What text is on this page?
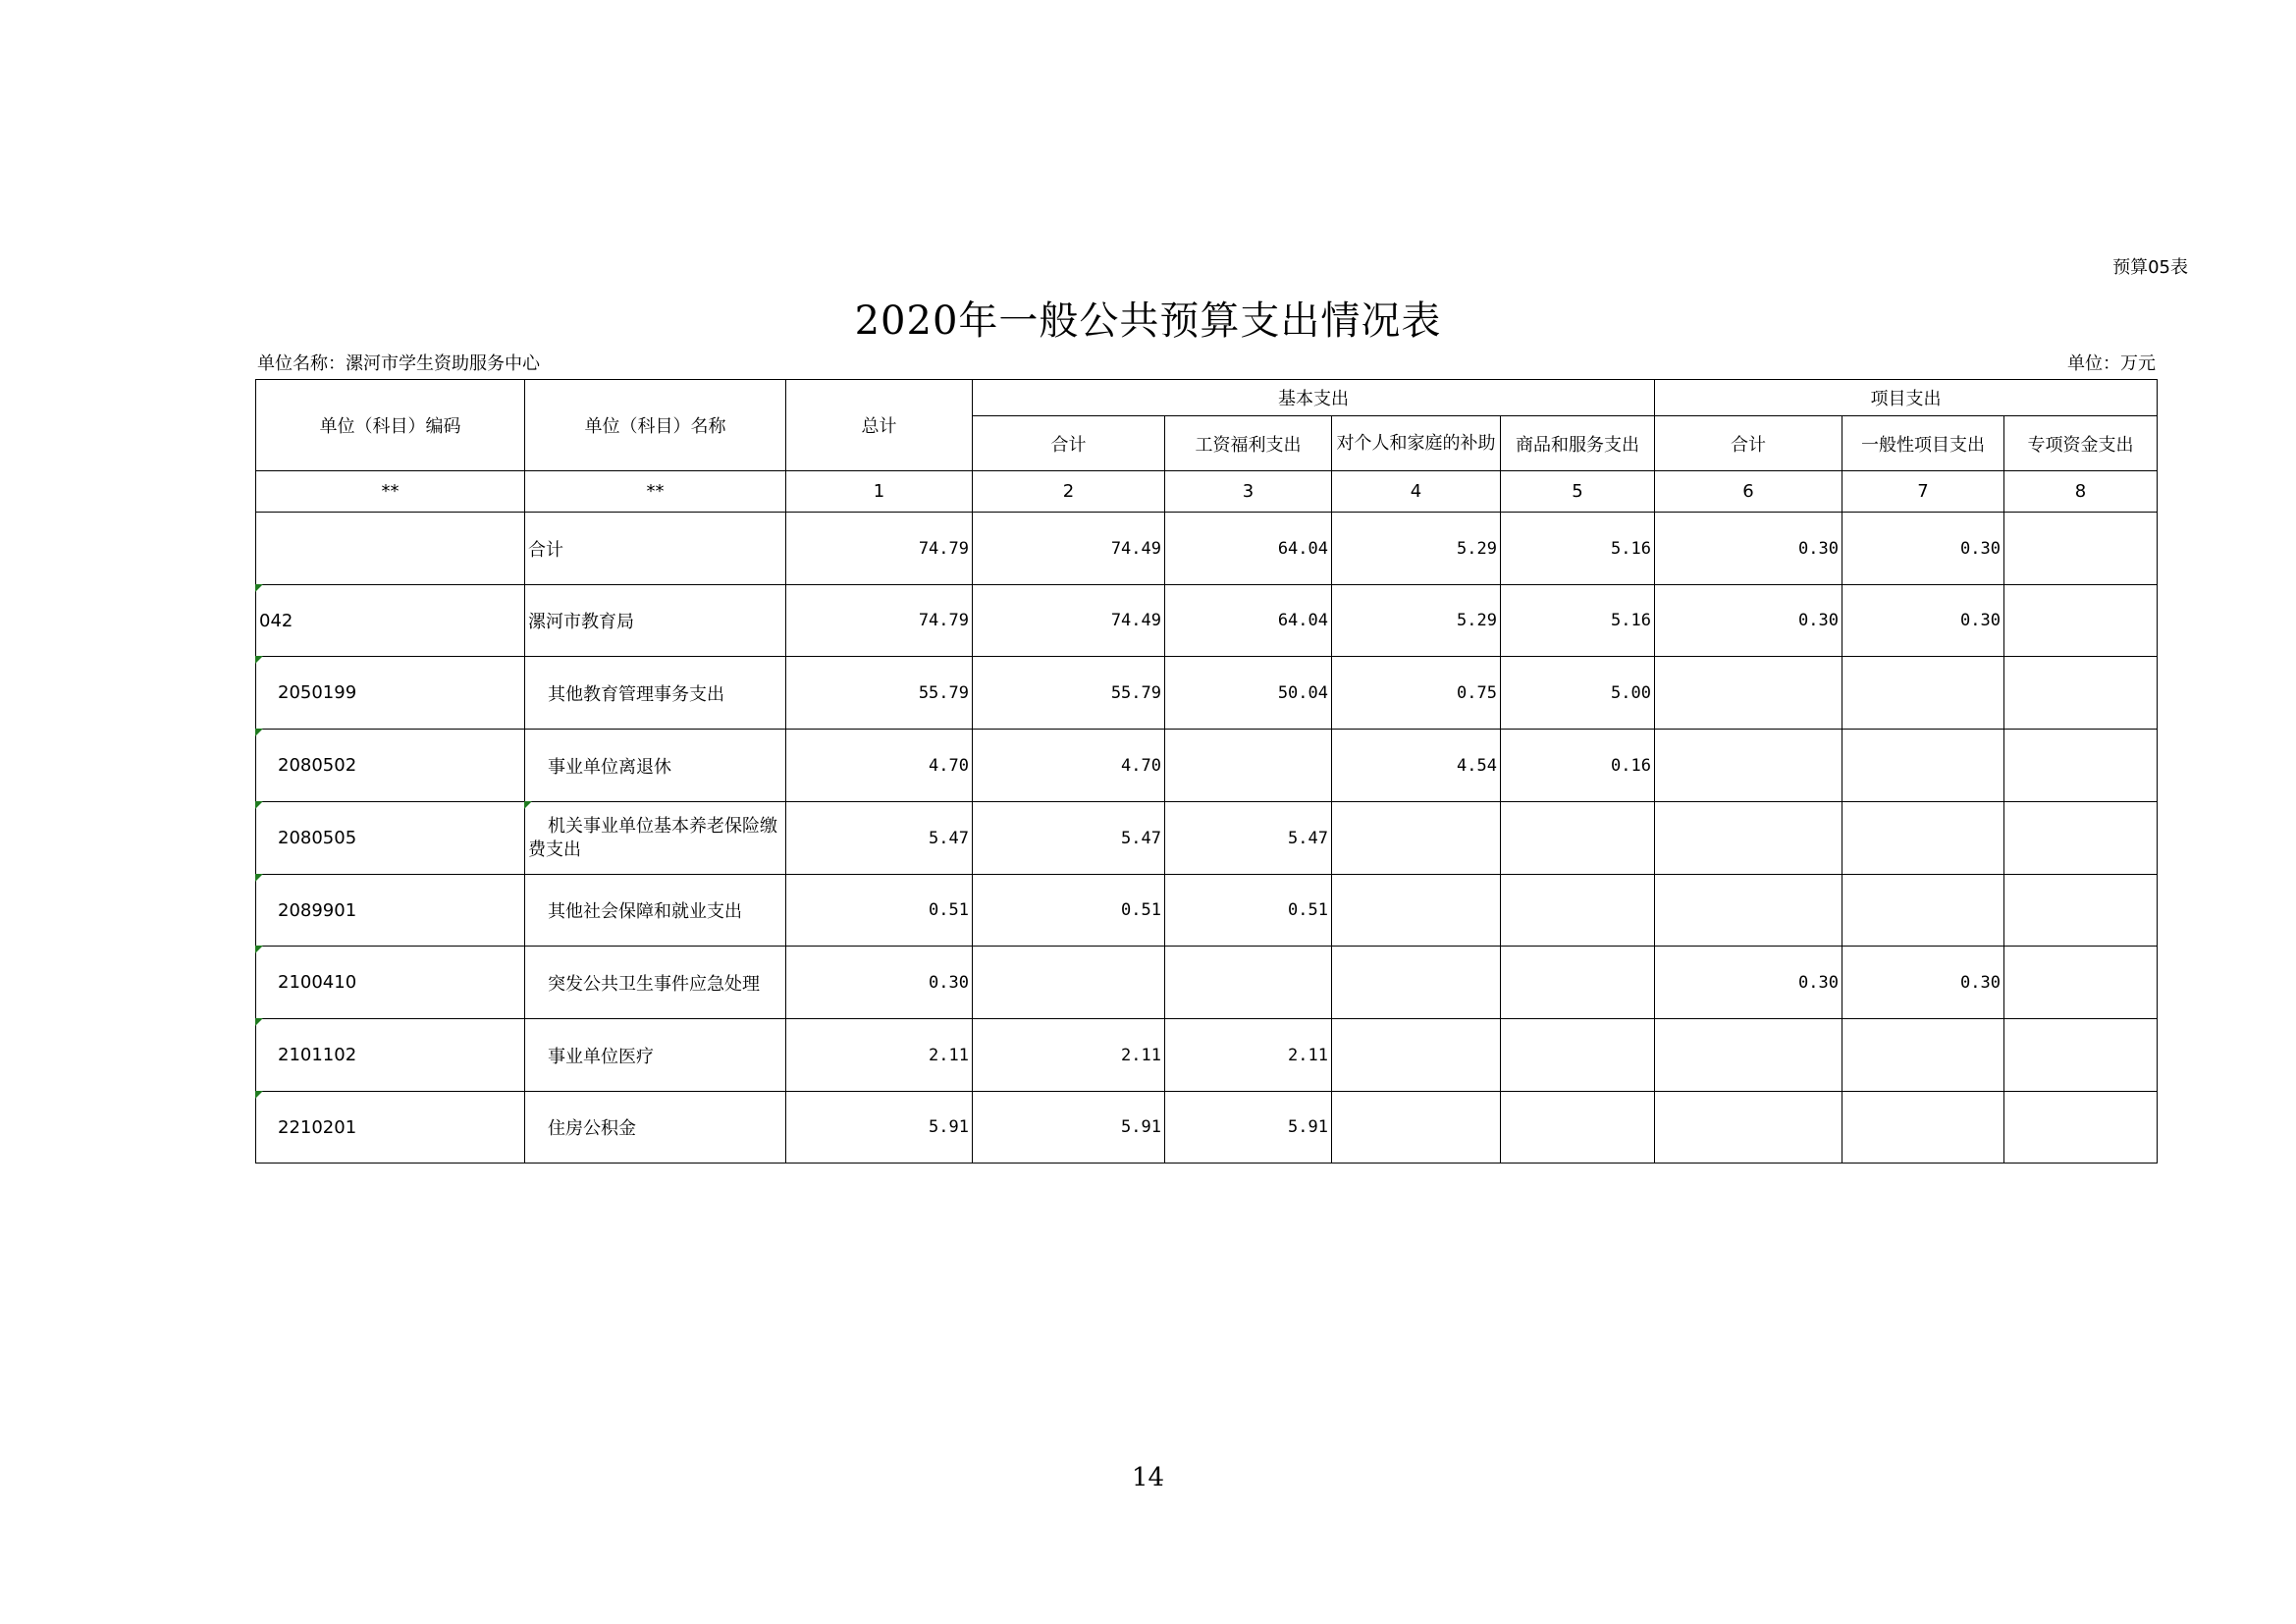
预算05表
2020年一般公共预算支出情况表
单位名称：漯河市学生资助服务中心	单位：万元
单位（科目）编码	单位（科目）名称	总计	基本支出				项目支出		
			合计	工资福利支出	对个人和家庭的补助	商品和服务支出	合计	一般性项目支出	专项资金支出
**	**	1	2	3	4	5	6	7	8
	合计	74.79	74.49	64.04	5.29	5.16	0.30	0.30	

042	漯河市教育局	74.79	74.49	64.04	5.29	5.16	0.30	0.30	

2050199	其他教育管理事务支出	55.79	55.79	50.04	0.75	5.00			

2080502	事业单位离退休	4.70	4.70		4.54	0.16			

2080505	机关事业单位基本养老保险缴费支出	5.47	5.47	5.47					

2089901	其他社会保障和就业支出	0.51	0.51	0.51					

2100410	突发公共卫生事件应急处理	0.30					0.30	0.30	

2101102	事业单位医疗	2.11	2.11	2.11					

2210201	住房公积金	5.91	5.91	5.91					
14
